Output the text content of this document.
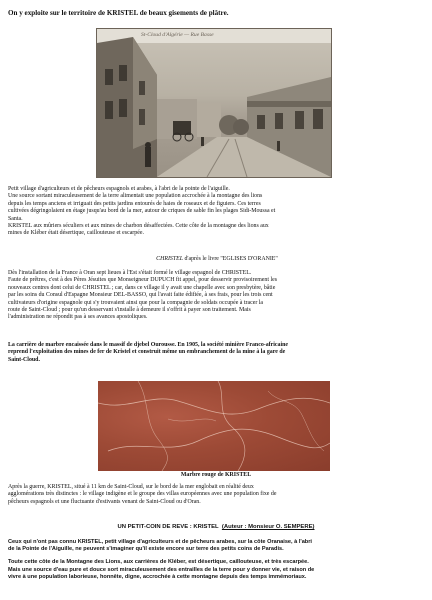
On y exploite sur le territoire de KRISTEL de beaux gisements de plâtre.
St-Cloud d'Algérie — Rue Basse

Petit village d'agriculteurs et de pêcheurs espagnols et arabes, à l'abri de la pointe de l'aiguille.

Une source sortant miraculeusement de la terre alimentait une population accrochée à la montagne des lions

depuis les temps anciens et irriguait des petits jardins entourés de haies de roseaux et de figuiers. Ces terres

cultivées dégringolaient en étage jusqu'au bord de la mer, autour de criques de sable fin les plages Sidi-Moussa et

Santa.

KRISTEL aux mûriers séculiers et aux mines de charbon désaffectées. Cette côte de la montagne des lions aux

mines de Kléber était désertique, caillouteuse et escarpée.

CHRISTEL d'après le livre "EGLISES D'ORANIE"

Dès l'installation de la France à Oran sept lieues à l'Est s'était formé le village espagnol de CHRISTEL.

Faute de prêtres, c'est à des Pères Jésuites que Monseigneur DUPUCH fit appel, pour desservir provisoirement les

nouveaux centres dont celui de CHRISTEL ; car, dans ce village il y avait une chapelle avec son presbytère, bâtie

par les soins du Consul d'Espagne Monsieur DEL-BASSO, qui l'avait faite édifiée, à ses frais, pour les trois cent

cultivateurs d'origine espagnole qui s'y trouvaient ainsi que pour la compagnie de soldats occupée à tracer la

route de Saint-Cloud ; pour qu'un desservant s'installe à demeure il s'offrit à payer son traitement. Mais

l'administration ne répondit pas à ses avances apostoliques.

La carrière de marbre encaissée dans le massif de djebel Ourousse. En 1905, la société minière Franco-africaine

reprend l'exploitation des mines de fer de Kristel et construit même un embranchement de la mine à la gare de

Saint-Cloud.

Marbre rouge de KRISTEL

Après la guerre, KRISTEL, situé à 11 km de Saint-Cloud, sur le bord de la mer englobait en réalité deux

agglomérations très distinctes : le village indigène et le groupe des villas européennes avec une population fixe de

pêcheurs espagnols et une fluctuante d'estivants venant de Saint-Cloud ou d'Oran.

UN PETIT-COIN DE REVE : KRISTEL (Auteur : Monsieur O. SEMPERE)

Ceux qui n'ont pas connu KRISTEL, petit village d'agriculteurs et de pêcheurs arabes, sur la côte Oranaise, à l'abri

de la Pointe de l'Aiguille, ne peuvent s'imaginer qu'il existe encore sur terre des petits coins de Paradis.

Toute cette côte de la Montagne des Lions, aux carrières de Kléber, est désertique, caillouteuse, et très escarpée.

Mais une source d'eau pure et douce sort miraculeusement des entrailles de la terre pour y donner vie, et raison de

vivre à une population laborieuse, honnête, digne, accrochée à cette montagne depuis des temps immémoriaux.
